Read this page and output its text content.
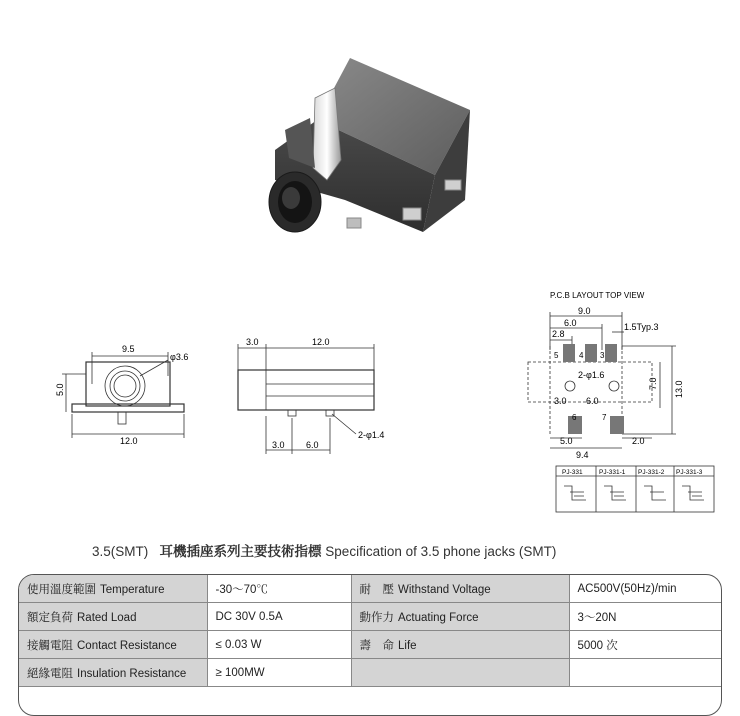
9.5
φ3.6
5.0
12.0
3.0	12.0
3.0 6.0
2-φ1.4
P.C.B LAYOUT TOP VIEW
9.0
6.0
2.8
1.5Typ.3
5	4 3
2-φ1.6
3.0 6.0
7.0 13.0
6	7
5.0	2.0
9.4
PJ-331	PJ-331-1 PJ-331-2 PJ-331-3
3.5(SMT) 耳機插座系列主要技術指標 Specification of 3.5 phone jacks (SMT)
使用溫度範圍 Temperature	-30～70℃	耐　壓 Withstand Voltage	AC500V(50Hz)/min
額定負荷 Rated Load	DC 30V 0.5A	動作力 Actuating Force	3～20N
接觸電阻 Contact Resistance	≤ 0.03 W	壽　命 Life	5000 次
絕緣電阻 Insulation Resistance	≥ 100MW		
